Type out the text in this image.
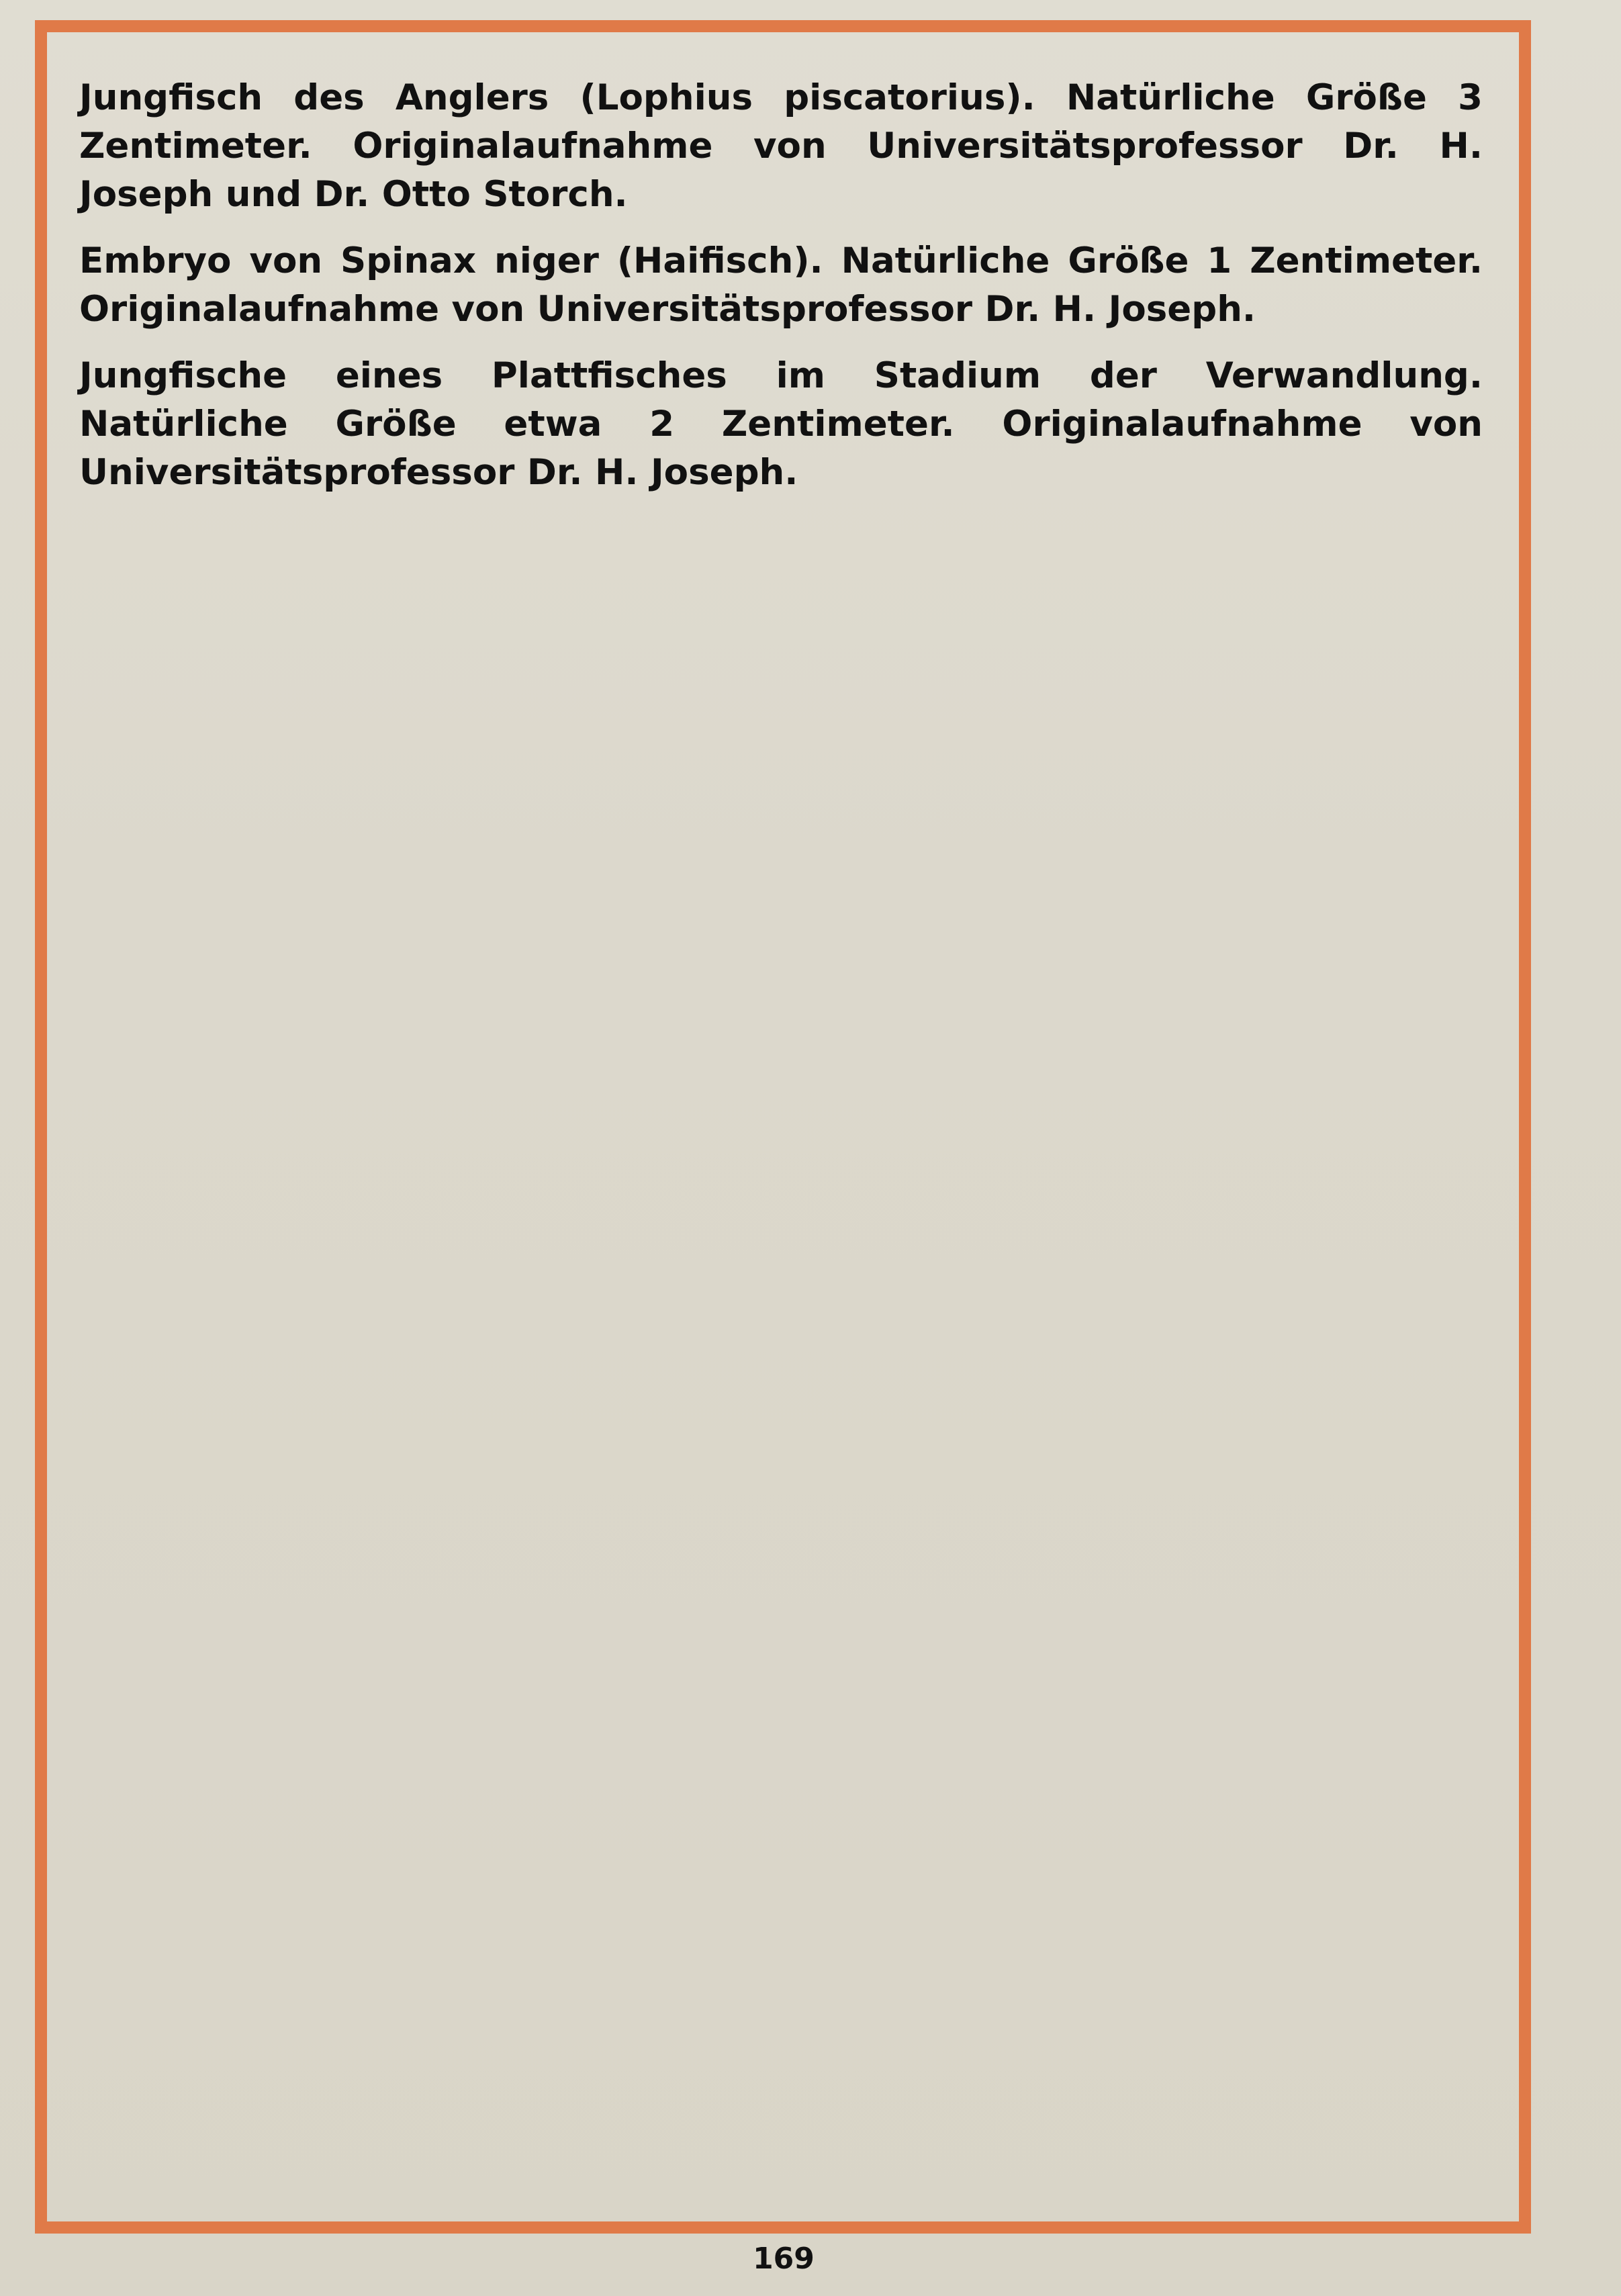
Jungfisch des Anglers (Lophius piscatorius). Natürliche Größe 3 Zentimeter. Originalaufnahme von Universitätsprofessor Dr. H. Joseph und Dr. Otto Storch.

Embryo von Spinax niger (Haifisch). Natürliche Größe 1 Zentimeter. Originalaufnahme von Universitätsprofessor Dr. H. Joseph.

Jungfische eines Plattfisches im Stadium der Verwandlung. Natürliche Größe etwa 2 Zentimeter. Originalaufnahme von Universitätsprofessor Dr. H. Joseph.

169
